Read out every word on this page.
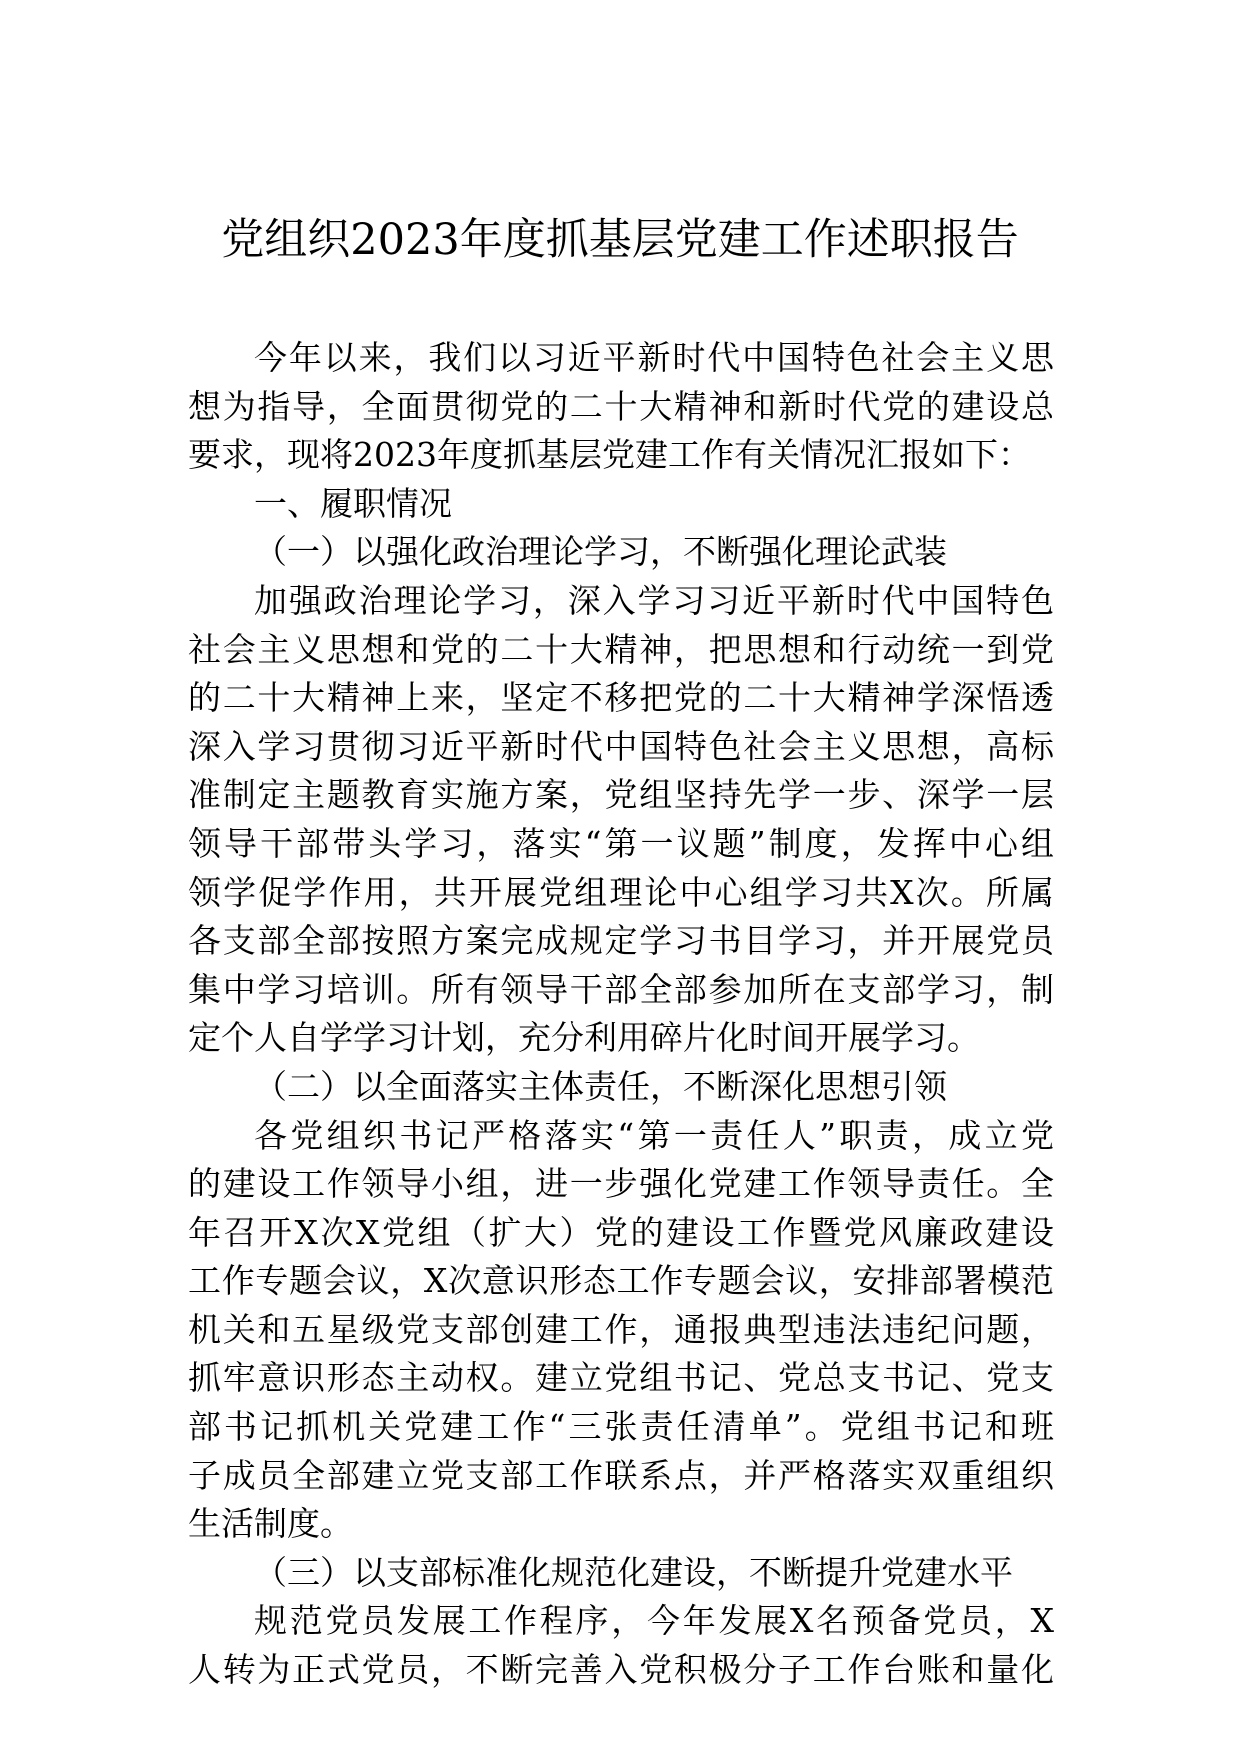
党组织2023年度抓基层党建工作述职报告
今年以来，我们以习近平新时代中国特色社会主义思
想为指导，全面贯彻党的二十大精神和新时代党的建设总
要求，现将2023年度抓基层党建工作有关情况汇报如下：
一、履职情况
（一）以强化政治理论学习，不断强化理论武装
加强政治理论学习，深入学习习近平新时代中国特色
社会主义思想和党的二十大精神，把思想和行动统一到党
的二十大精神上来，坚定不移把党的二十大精神学深悟透
深入学习贯彻习近平新时代中国特色社会主义思想，高标
准制定主题教育实施方案，党组坚持先学一步、深学一层
领导干部带头学习，落实“第一议题”制度，发挥中心组
领学促学作用，共开展党组理论中心组学习共X次。所属
各支部全部按照方案完成规定学习书目学习，并开展党员
集中学习培训。所有领导干部全部参加所在支部学习，制
定个人自学学习计划，充分利用碎片化时间开展学习。
（二）以全面落实主体责任，不断深化思想引领
各党组织书记严格落实“第一责任人”职责，成立党
的建设工作领导小组，进一步强化党建工作领导责任。全
年召开X次X党组（扩大）党的建设工作暨党风廉政建设
工作专题会议，X次意识形态工作专题会议，安排部署模范
机关和五星级党支部创建工作，通报典型违法违纪问题，
抓牢意识形态主动权。建立党组书记、党总支书记、党支
部书记抓机关党建工作“三张责任清单”。党组书记和班
子成员全部建立党支部工作联系点，并严格落实双重组织
生活制度。
（三）以支部标准化规范化建设，不断提升党建水平
规范党员发展工作程序，今年发展X名预备党员，X
人转为正式党员，不断完善入党积极分子工作台账和量化
